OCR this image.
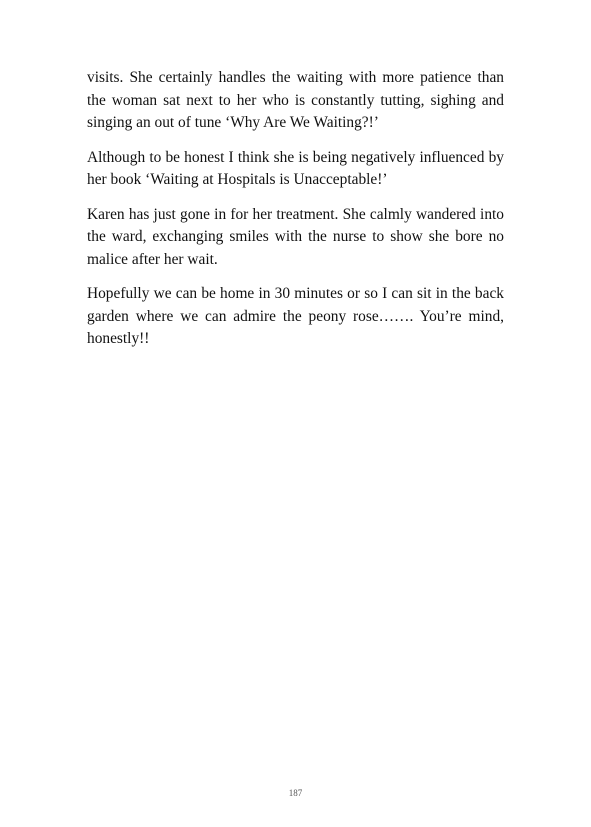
visits. She certainly handles the waiting with more patience than the woman sat next to her who is constantly tutting, sighing and singing an out of tune ‘Why Are We Waiting?!’

Although to be honest I think she is being negatively influenced by her book ‘Waiting at Hospitals is Unacceptable!’

Karen has just gone in for her treatment. She calmly wandered into the ward, exchanging smiles with the nurse to show she bore no malice after her wait.

Hopefully we can be home in 30 minutes or so I can sit in the back garden where we can admire the peony rose……. You’re mind, honestly!!

187
